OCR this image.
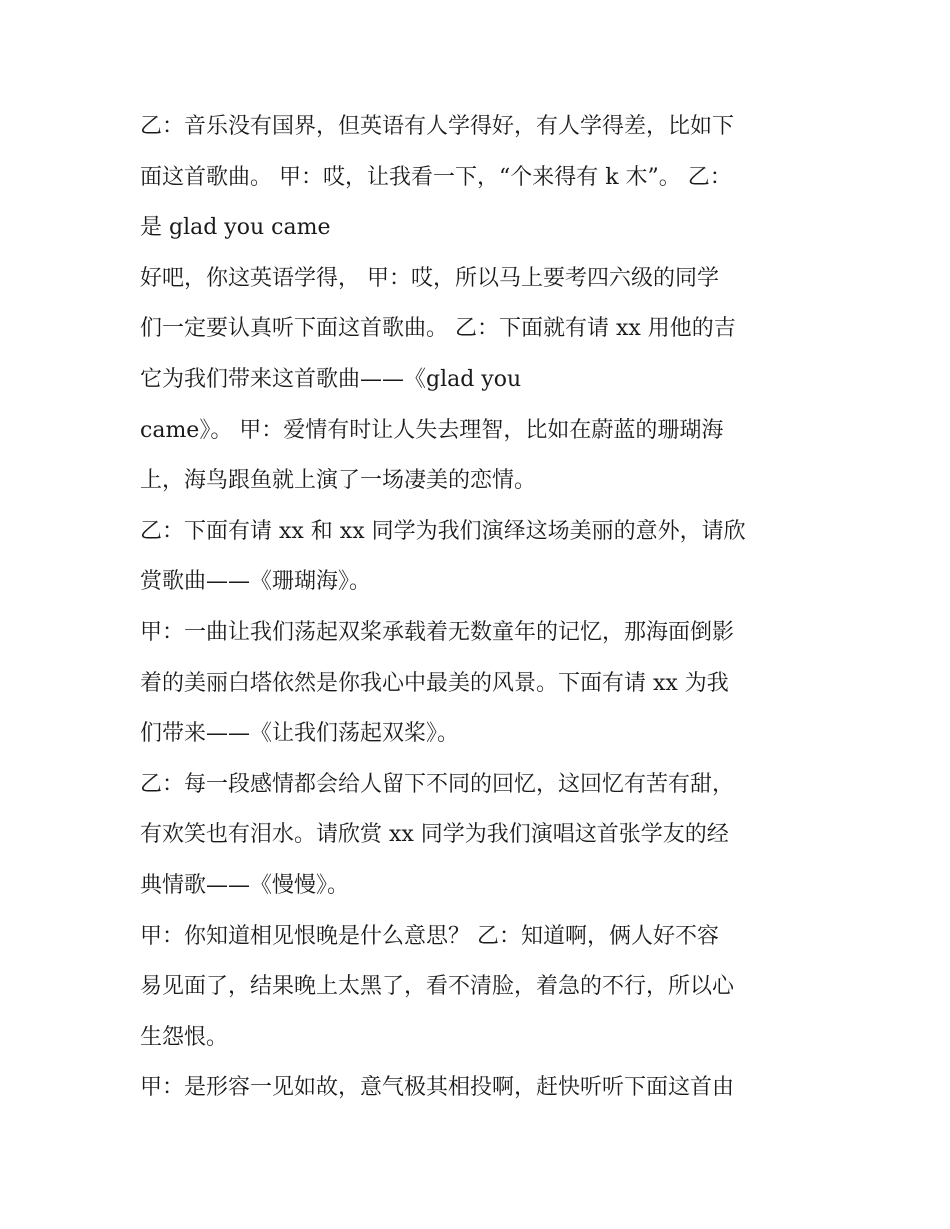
乙：音乐没有国界，但英语有人学得好，有人学得差，比如下
面这首歌曲。 甲：哎，让我看一下，“个来得有 k 木”。 乙：
是 glad you came
好吧，你这英语学得， 甲：哎，所以马上要考四六级的同学
们一定要认真听下面这首歌曲。 乙：下面就有请 xx 用他的吉
它为我们带来这首歌曲——《glad you
came》。 甲：爱情有时让人失去理智，比如在蔚蓝的珊瑚海
上，海鸟跟鱼就上演了一场凄美的恋情。
乙：下面有请 xx 和 xx 同学为我们演绎这场美丽的意外，请欣
赏歌曲——《珊瑚海》。
甲：一曲让我们荡起双桨承载着无数童年的记忆，那海面倒影
着的美丽白塔依然是你我心中最美的风景。下面有请 xx 为我
们带来——《让我们荡起双桨》。
乙：每一段感情都会给人留下不同的回忆，这回忆有苦有甜，
有欢笑也有泪水。请欣赏 xx 同学为我们演唱这首张学友的经
典情歌——《慢慢》。
甲：你知道相见恨晚是什么意思？ 乙：知道啊，俩人好不容
易见面了，结果晚上太黑了，看不清脸，着急的不行，所以心
生怨恨。
甲：是形容一见如故，意气极其相投啊，赶快听听下面这首由
